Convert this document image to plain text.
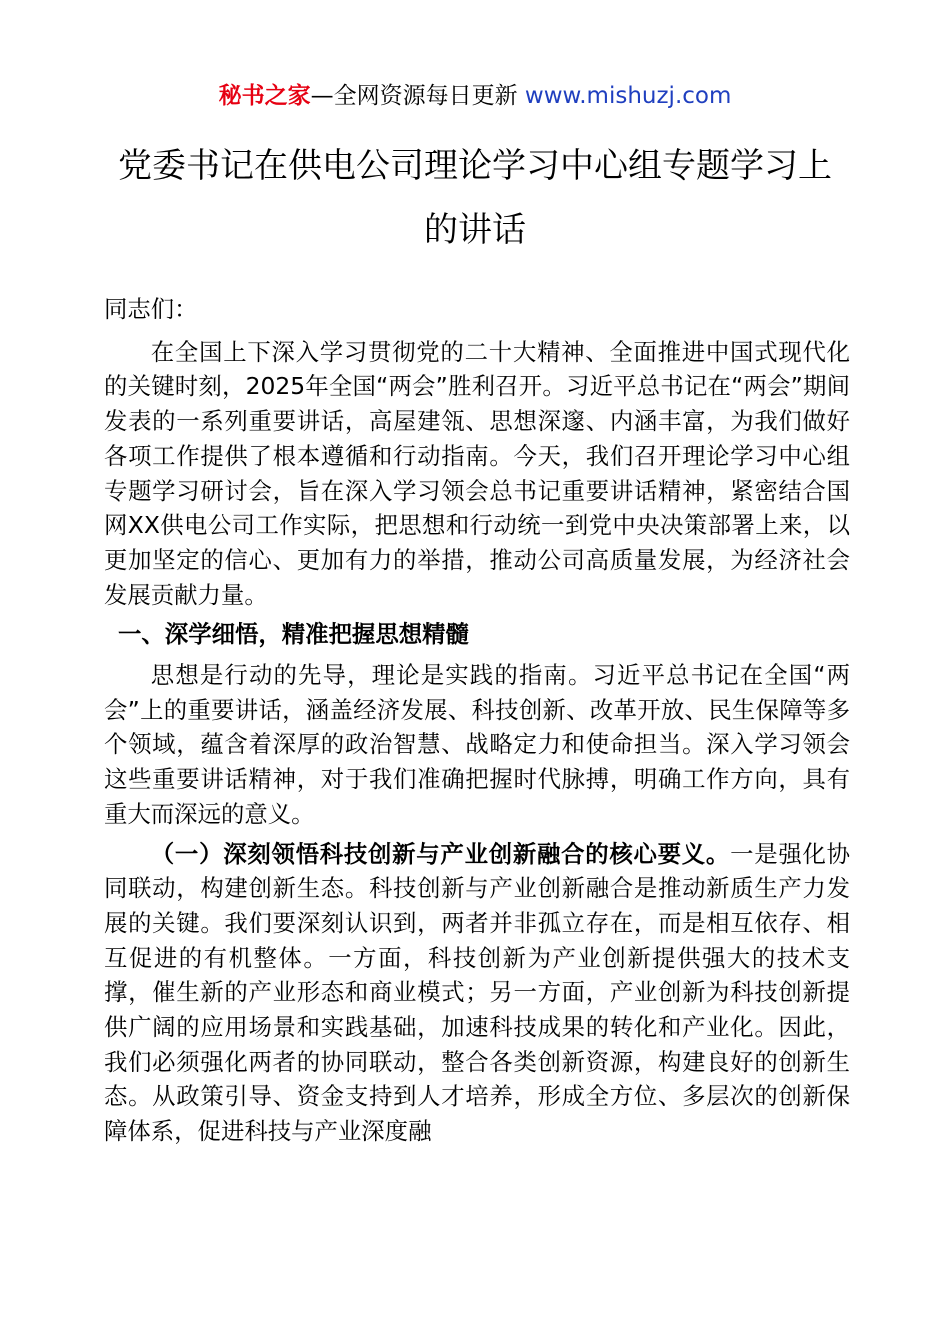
秘书之家—全网资源每日更新 www.mishuzj.com
党委书记在供电公司理论学习中心组专题学习上的讲话

同志们：

在全国上下深入学习贯彻党的二十大精神、全面推进中国式现代化的关键时刻，2025年全国“两会”胜利召开。习近平总书记在“两会”期间发表的一系列重要讲话，高屋建瓴、思想深邃、内涵丰富，为我们做好各项工作提供了根本遵循和行动指南。今天，我们召开理论学习中心组专题学习研讨会，旨在深入学习领会总书记重要讲话精神，紧密结合国网XX供电公司工作实际，把思想和行动统一到党中央决策部署上来，以更加坚定的信心、更加有力的举措，推动公司高质量发展，为经济社会发展贡献力量。

一、深学细悟，精准把握思想精髓

思想是行动的先导，理论是实践的指南。习近平总书记在全国“两会”上的重要讲话，涵盖经济发展、科技创新、改革开放、民生保障等多个领域，蕴含着深厚的政治智慧、战略定力和使命担当。深入学习领会这些重要讲话精神，对于我们准确把握时代脉搏，明确工作方向，具有重大而深远的意义。

（一）深刻领悟科技创新与产业创新融合的核心要义。一是强化协同联动，构建创新生态。科技创新与产业创新融合是推动新质生产力发展的关键。我们要深刻认识到，两者并非孤立存在，而是相互依存、相互促进的有机整体。一方面，科技创新为产业创新提供强大的技术支撑，催生新的产业形态和商业模式；另一方面，产业创新为科技创新提供广阔的应用场景和实践基础，加速科技成果的转化和产业化。因此，我们必须强化两者的协同联动，整合各类创新资源，构建良好的创新生态。从政策引导、资金支持到人才培养，形成全方位、多层次的创新保障体系，促进科技与产业深度融
